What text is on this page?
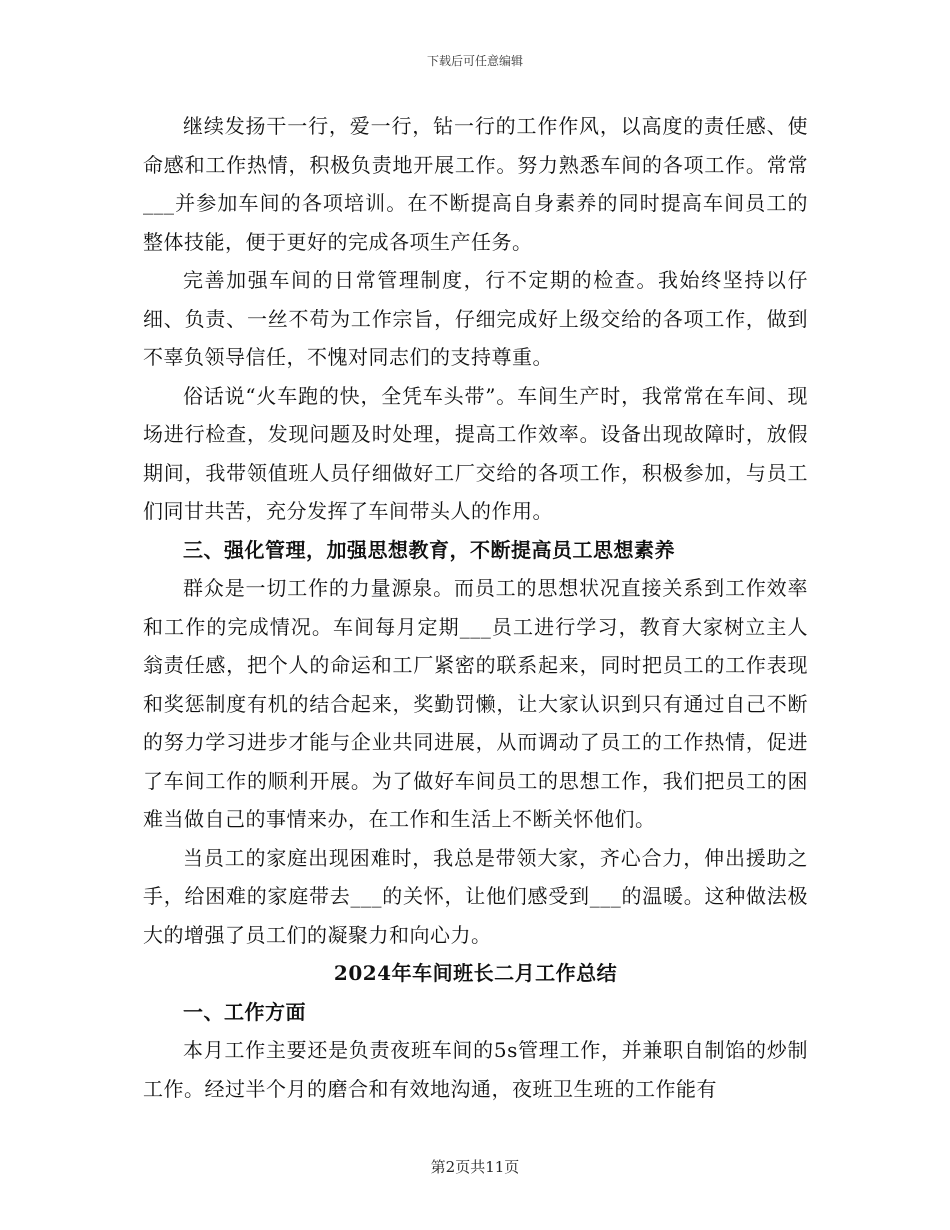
下载后可任意编辑

继续发扬干一行，爱一行，钻一行的工作作风，以高度的责任感、使命感和工作热情，积极负责地开展工作。努力熟悉车间的各项工作。常常___并参加车间的各项培训。在不断提高自身素养的同时提高车间员工的整体技能，便于更好的完成各项生产任务。

完善加强车间的日常管理制度，行不定期的检查。我始终坚持以仔细、负责、一丝不苟为工作宗旨，仔细完成好上级交给的各项工作，做到不辜负领导信任，不愧对同志们的支持尊重。

俗话说“火车跑的快，全凭车头带”。车间生产时，我常常在车间、现场进行检查，发现问题及时处理，提高工作效率。设备出现故障时，放假期间，我带领值班人员仔细做好工厂交给的各项工作，积极参加，与员工们同甘共苦，充分发挥了车间带头人的作用。

三、强化管理，加强思想教育，不断提高员工思想素养

群众是一切工作的力量源泉。而员工的思想状况直接关系到工作效率和工作的完成情况。车间每月定期___员工进行学习，教育大家树立主人翁责任感，把个人的命运和工厂紧密的联系起来，同时把员工的工作表现和奖惩制度有机的结合起来，奖勤罚懒，让大家认识到只有通过自己不断的努力学习进步才能与企业共同进展，从而调动了员工的工作热情，促进了车间工作的顺利开展。为了做好车间员工的思想工作，我们把员工的困难当做自己的事情来办，在工作和生活上不断关怀他们。

当员工的家庭出现困难时，我总是带领大家，齐心合力，伸出援助之手，给困难的家庭带去___的关怀，让他们感受到___的温暖。这种做法极大的增强了员工们的凝聚力和向心力。

2024年车间班长二月工作总结

一、工作方面

本月工作主要还是负责夜班车间的5s管理工作，并兼职自制馅的炒制工作。经过半个月的磨合和有效地沟通，夜班卫生班的工作能有

第2页共11页
